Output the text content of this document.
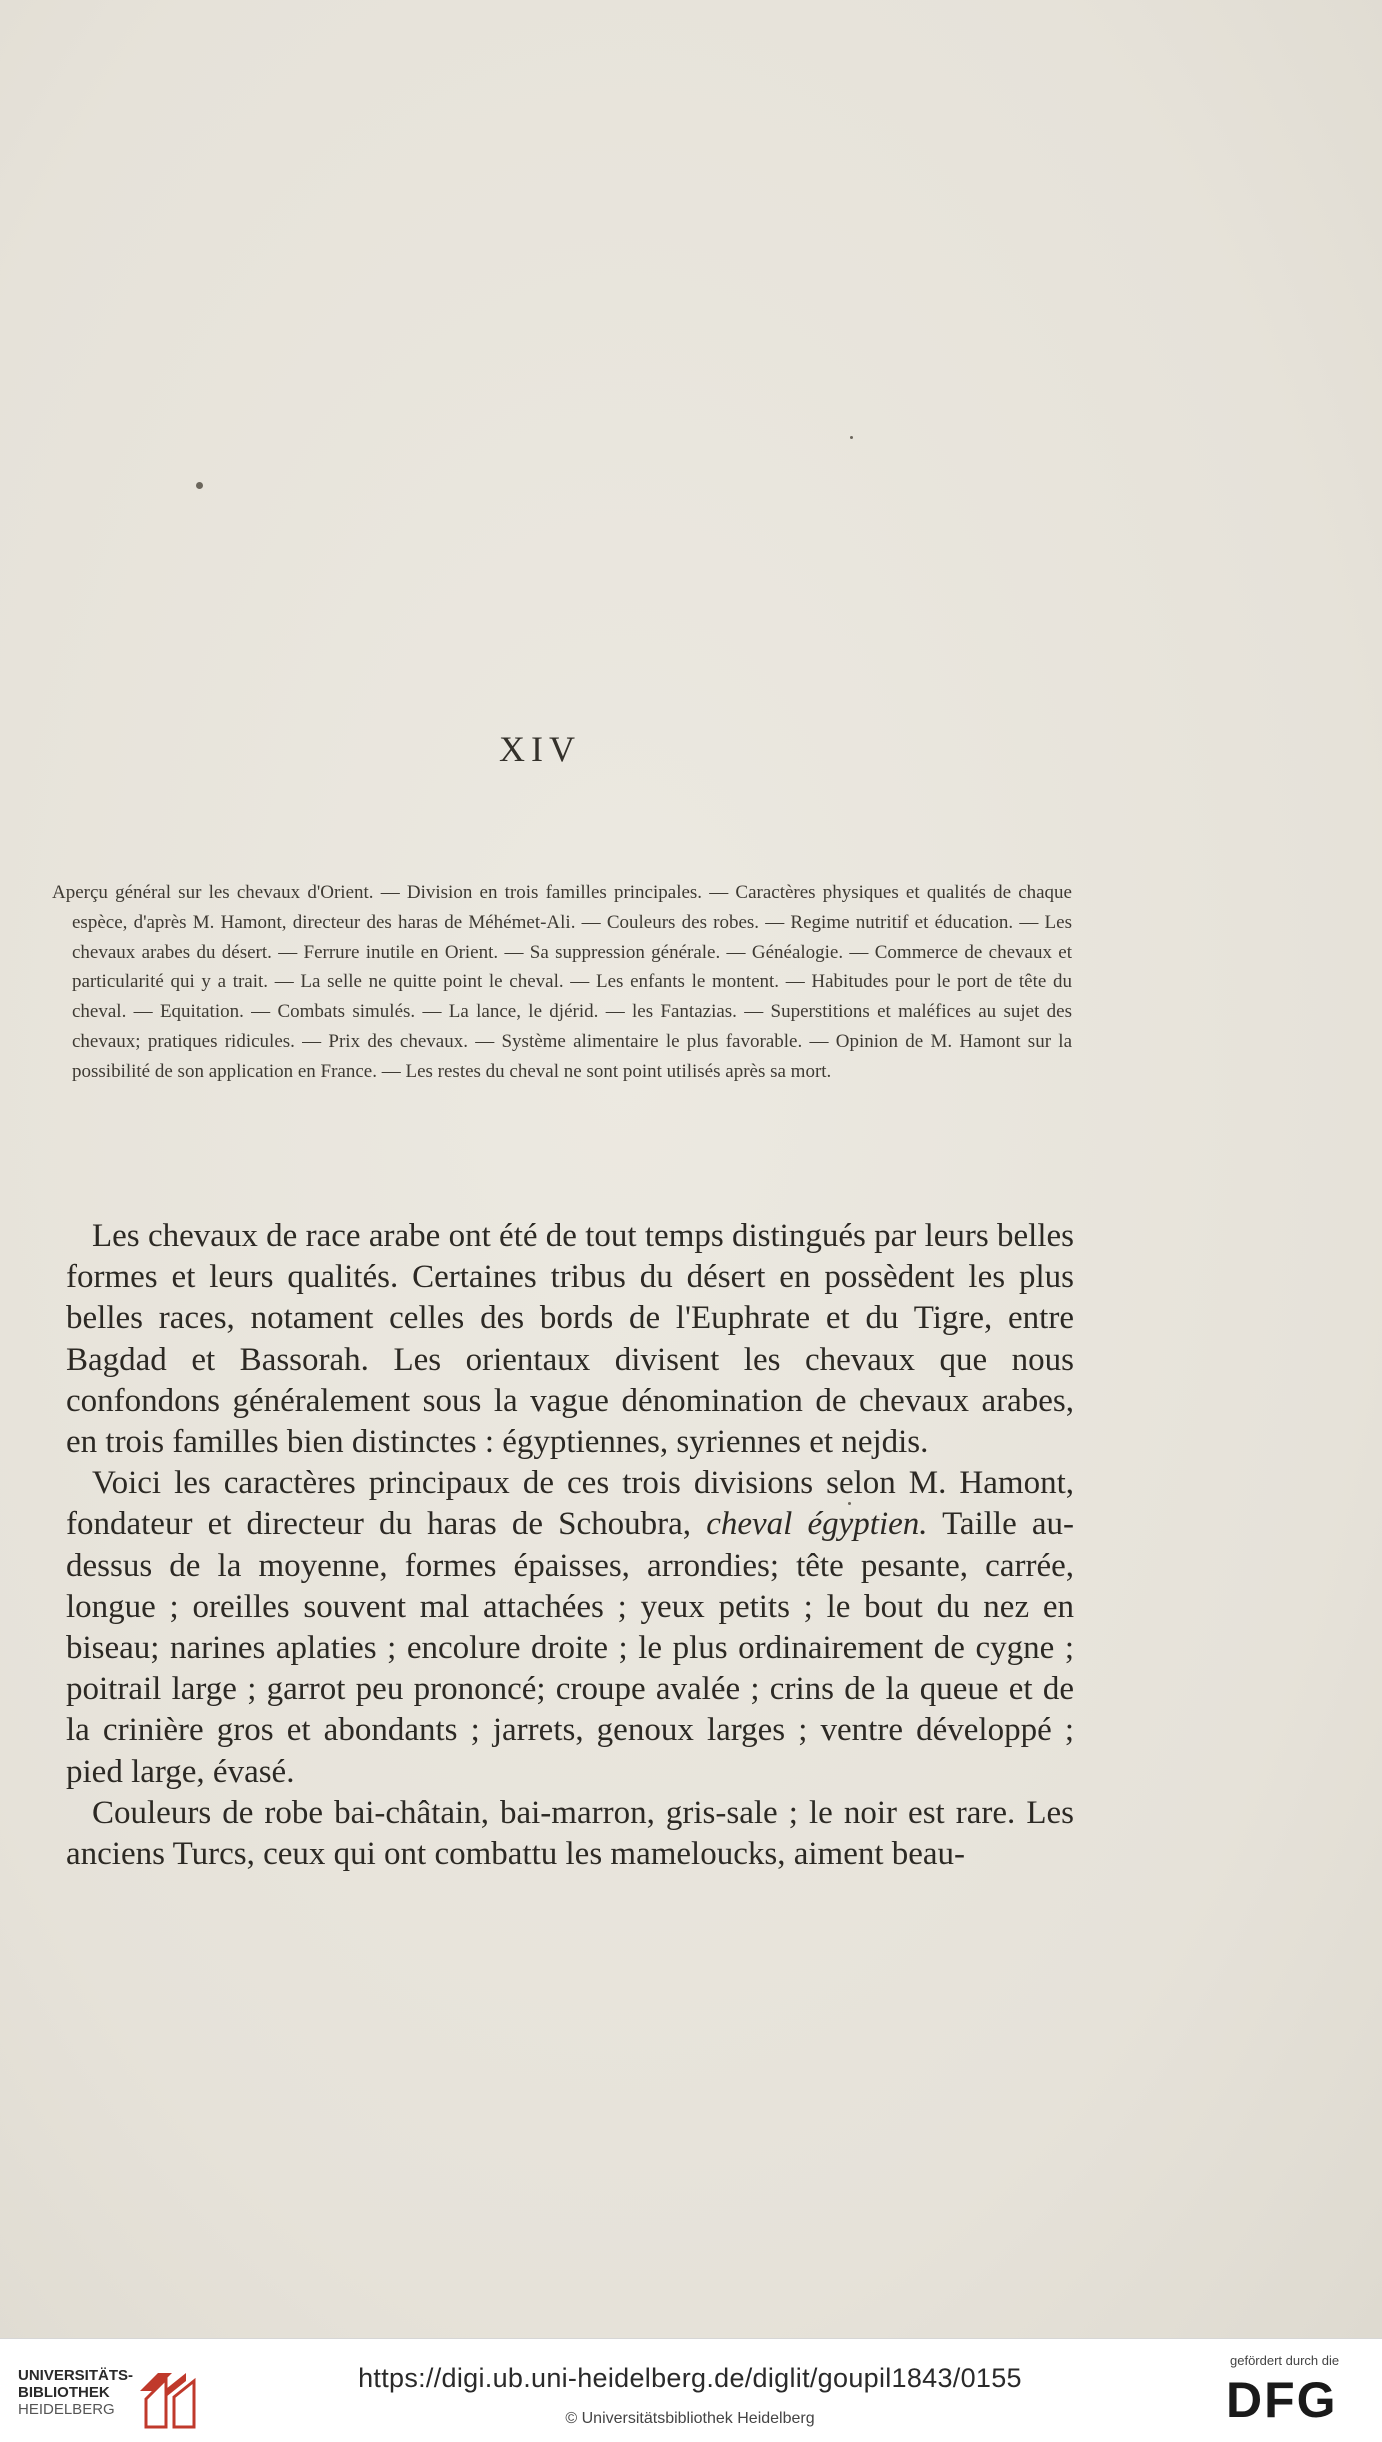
XIV
Aperçu général sur les chevaux d'Orient. — Division en trois familles principales. — Caractères physiques et qualités de chaque espèce, d'après M. Hamont, directeur des haras de Méhémet-Ali. — Couleurs des robes. — Regime nutritif et éducation. — Les chevaux arabes du désert. — Ferrure inutile en Orient. — Sa suppression générale. — Généalogie. — Commerce de chevaux et particularité qui y a trait. — La selle ne quitte point le cheval. — Les enfants le montent. — Habitudes pour le port de tête du cheval. — Equitation. — Combats simulés. — La lance, le djérid. — les Fantazias. — Superstitions et maléfices au sujet des chevaux; pratiques ridicules. — Prix des chevaux. — Système alimentaire le plus favorable. — Opinion de M. Hamont sur la possibilité de son application en France. — Les restes du cheval ne sont point utilisés après sa mort.

Les chevaux de race arabe ont été de tout temps distingués par leurs belles formes et leurs qualités. Certaines tribus du désert en possèdent les plus belles races, notament celles des bords de l'Euphrate et du Tigre, entre Bagdad et Bassorah. Les orientaux divisent les chevaux que nous confondons généralement sous la vague dénomination de chevaux arabes, en trois familles bien distinctes : égyptiennes, syriennes et nejdis.

Voici les caractères principaux de ces trois divisions selon M. Hamont, fondateur et directeur du haras de Schoubra, cheval égyptien. Taille au-dessus de la moyenne, formes épaisses, arrondies; tête pesante, carrée, longue ; oreilles souvent mal attachées ; yeux petits ; le bout du nez en biseau; narines aplaties ; encolure droite ; le plus ordinairement de cygne ; poitrail large ; garrot peu prononcé; croupe avalée ; crins de la queue et de la crinière gros et abondants ; jarrets, genoux larges ; ventre développé ; pied large, évasé.

Couleurs de robe bai-châtain, bai-marron, gris-sale ; le noir est rare. Les anciens Turcs, ceux qui ont combattu les mameloucks, aiment beau-

UNIVERSITÄTS-
BIBLIOTHEK
HEIDELBERG
https://digi.ub.uni-heidelberg.de/diglit/goupil1843/0155
© Universitätsbibliothek Heidelberg
gefördert durch die
DFG
